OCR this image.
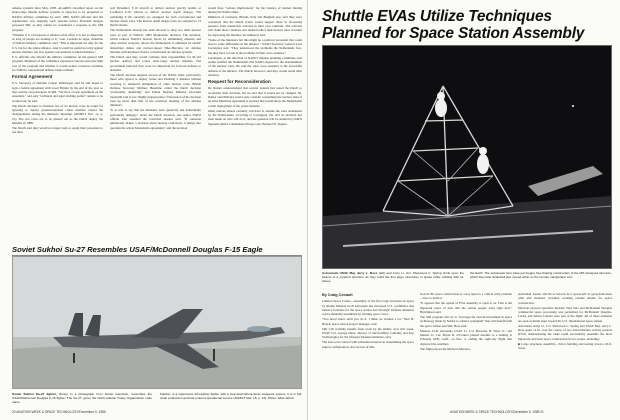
defense systems since May, 1983. AGARD's classified report on the short-range missile defense systems is expected to be presented to NATO's military committee by early 1986. NATO officials said the organization was studying such systems before President Reagan proposed SDI, so they cannot be considered a response to the SDI program.

"Whether it is a European or alliance-wide effort it is not so important as long as people are looking at it," Gen. Cornelis de Jager, chairman of NATO's military committee, said. "This is important not only for the U.S. but for the whole alliance. And it would be useful not only against nuclear missiles, but also against conventional warhead missiles."

U.S. officials also briefed the military committee on the general SDI program. Members of the committee expressed concern about the high cost of the program and whether it would reduce resources available for NATO's conventional defense improvements.

Formal Agreement

U.S. Secretary of Defense Caspar Weinberger said he still hopes to sign a formal agreement with Great Britain by the end of the year so that country can participate in SDI. "We have a basic agreement on the essentials," and only "technical and legal drafting points" remain to be worked out, he said.

The Dutch decision to abandon two of its nuclear roles in return for agreeing to deploy ground-launched cruise missiles caused the disagreements during the ministers' meetings (AW&ST Nov. 11, p. 21). The two roles are to be phased out as the Dutch deploy the missiles in 1988.

The Dutch said they would no longer train or equip their personnel to use their

oral Dynamics F-16 aircraft to deliver nuclear gravity bombs or Lockheed P-3C Orions to deliver nuclear depth charges. The remaining F-16s currently are equipped for both conventional and nuclear attack roles. The nuclear depth charge roles are assigned to 13 Dutch Orions.

The Netherlands already has been allowed to drop two other nuclear roles as part of NATO's 1983 Montebello decision. The decision, which reduces NATO's nuclear forces by eliminating obsolete and other nuclear weapons, allows the Netherlands to eliminate its atomic demolition mines and nuclear-tipped Nike-Hercules air defense missiles with Raytheon Patriot conventional air defense systems.

The Dutch said they would continue their responsibility for M-110 nuclear artillery and Lance short-range nuclear missiles. The government believed they were too important for forward defense to abandon.

The Dutch decision angered several of the NATO allies, particularly those who agreed to deploy cruise and Pershing 2 missiles without resorting to unilateral elimination of other nuclear roles. British Defense Secretary Michael Heseltine called the Dutch decision "profoundly disturbing" and Italian Defense Minister Giovanni Spadolini said it was "highly inappropriate." Discussion of the decision took up more than half of the restricted meeting of the defense ministers.

"It is safe to say that the ministers were generally and individually profoundly unhappy" about the Dutch decision, one senior NATO official who attended the restricted session said. "If someone unilaterally makes a decision about nuclear reductions, it brings into question the whole Montebello agreement," and the decision

would have "serious implications" for the balance of burden sharing among the NATO allies.

Ministers of Germany, Britain, Italy and Belgium also said they were concerned that the Dutch action would support those in increasing pressure from nonnuclear activists in their own countries. The activists will claim those countries also should reduce their nuclear roles in return for deploying the missiles, the ministers said.

"Some of the ministers felt this might be a political precedent that could lead to some difficulties in the alliance," NATO Secretary General Lord Carrington said. "They understood the problems the Netherlands face, but they have to look at the problems in their own countries."

Carrington, at the direction of NATO's defense planning committee, had earlier notified the Netherlands that NATO objected to the abandonment of the nuclear roles. He said the roles were essential to the successful defense of the alliance. The Dutch, however, said they would retain their decision.

Request for Reconsideration

Dr. Rainer acknowledged that several nations had asked the Dutch to reconsider their decision, but he said that it would not be changed. Dr. Rainer said Holland would only consider reassuming the nuclear tasks if an arms limitation agreement is reached that would allow the Netherlands to halt deployment of the cruise missiles.

Other nations almost certainly will have to assume the roles abandoned by the Netherlands, according to Carrington. He said no decision has been made on who will do it, and the question will be studied by NATO Supreme Allied Commander-Europe Gen. Bernard W. Rogers.

Soviet Sukhoi Su-27 Resembles USAF/McDonnell Douglas F-15 Eagle
Soviet Sukhoi Su-27 fighter, shown in a photograph from Soviet television, resembles the USAF/McDonnell Douglas F-15 fighter. The Su-27, given the North Atlantic Treaty Organization code name
Flanker, is a supersonic all-weather fighter with a look-down/shoot-down weapons system. It is in full-scale production and has entered operational service (AW&ST Mar. 18, p. 23). Photo: Wide World
20 AVIATION WEEK & SPACE TECHNOLOGY/December 9, 1985
Shuttle EVAs Utilize Techniques Planned for Space Station Assembly
Astronauts USAF Maj. Jerry L. Ross (left) and Army Lt. Col. Sherwood C. Spring climb upon the beams of a pyramid structure as they build the first large structures in space while orbiting 200 mi. above
the Earth. The astronauts here have just begun free-floating construction of the MIT-designed structure, which they later detached and moved while on the remote manipulator arm.
By Craig Covault

Johnson Space Center—Assembly of the first large structures in space by shuttle Mission 61-B astronauts has increased U.S. confidence that massive facilities for the space station and Strategic Defense Initiative can be manually assembled by orbiting space crews.

"You never know until you do it. I think we learned a lot," Bob B. Hauck, space station project manager, said.

SDI will certainly benefit from work by the shuttle crew this week, USAF Col. George Dietz, director of Survivability, Lethality and Key Technologies for the Strategic Defense Initiative, said.

The tests were viewed with substantial interest in determining the space station configuration, and success of Mis-

sion 61-B's space construction is a key input to a critical early problem—how to build it.

"It appears that the option of EVA assembly is open to us. That is the important piece of data that the station people want right now," Hutchinson said.

The SDI program will try to "leverage the current investment in space technology made by NASA to achieve synergism" that will benefit both the space station and SDI, Hess said.

Mission 61-B astronauts USAF Lt. Col. Brewster H. Shaw Jr., and Marine Lt. Col. Bryan D. O'Connor piloted Atlantis to a landing at Edwards AFB, Calif., on Dec. 3, ending the eight-day flight that deployed the satellites.

The flight placed the Mexican Morelos,

Australian Aussat and RCA Satcom K-2 spacecraft in geosynchronous orbit and included crewmen working outside shuttle for space construction.

Mexican payload specialist Rodolfo Neri Vela and McDonnell Douglas commercial space processing was performed for McDonnell Douglas. Lucky, and Telstar Canada were part of the flight. All of these elements are seen as initial steps toward the U.S. international space station.

Astronauts Army Lt. Col. Sherwood C. Spring and USAF Maj. Jerry L. Ross spent 12 hr. over the course of two extravehicular activity periods (EVA) demonstrating the tasks could successfully assemble the most important and basic space construction in two weeks, including:

■ Large structures assembly—Twice building and tearing down a 45-ft. tower,

AVIATION WEEK & SPACE TECHNOLOGY/December 9, 1985 21
